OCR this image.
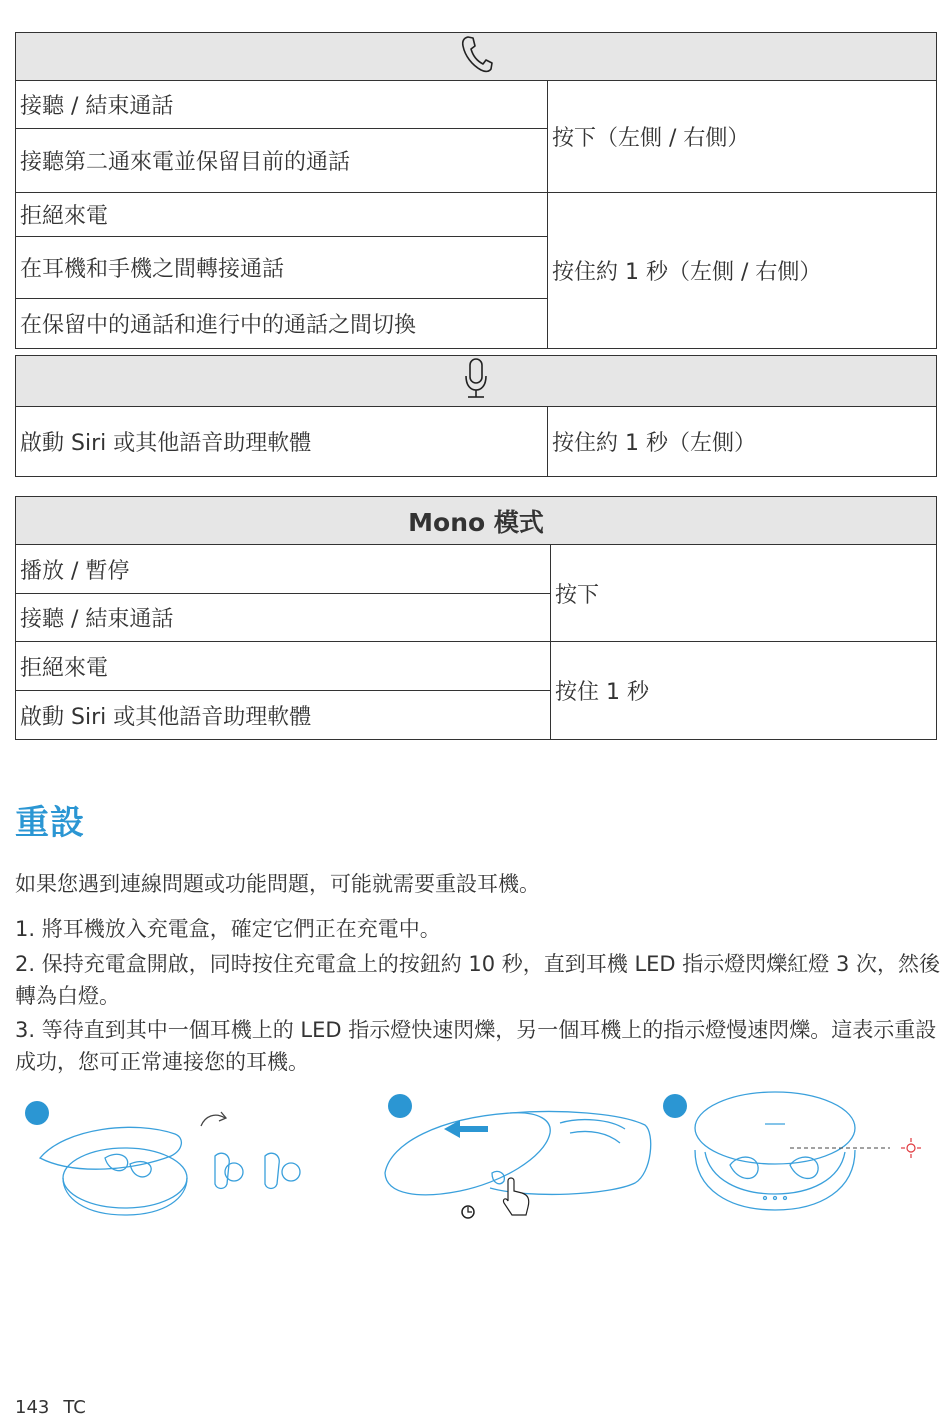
接聽 / 結束通話	按下（左側 / 右側）
接聽第二通來電並保留目前的通話	
拒絕來電	按住約 1 秒（左側 / 右側）
在耳機和手機之間轉接通話	
在保留中的通話和進行中的通話之間切換	

啟動 Siri 或其他語音助理軟體	按住約 1 秒（左側）
Mono 模式	
播放 / 暫停	按下
接聽 / 結束通話	
拒絕來電	按住 1 秒
啟動 Siri 或其他語音助理軟體	
重設

如果您遇到連線問題或功能問題，可能就需要重設耳機。

1. 將耳機放入充電盒，確定它們正在充電中。

2. 保持充電盒開啟，同時按住充電盒上的按鈕約 10 秒，直到耳機 LED 指示燈閃爍紅燈 3 次，然後轉為白燈。

3. 等待直到其中一個耳機上的 LED 指示燈快速閃爍，另一個耳機上的指示燈慢速閃爍。這表示重設成功，您可正常連接您的耳機。

143 TC
